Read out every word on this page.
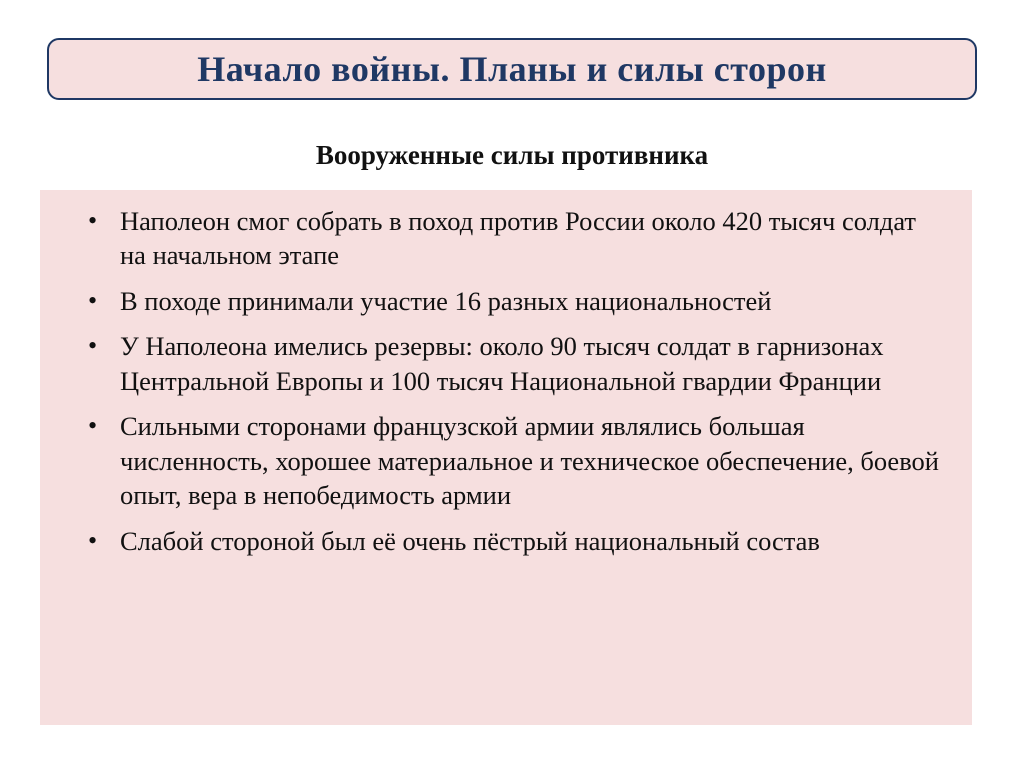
Начало войны. Планы и силы сторон
Вооруженные силы противника
• Наполеон смог собрать в поход против России около 420 тысяч солдат на начальном этапе
• В походе принимали участие 16 разных национальностей
• У Наполеона имелись резервы: около 90 тысяч солдат в гарнизонах Центральной Европы и 100 тысяч Национальной гвардии Франции
• Сильными сторонами французской армии являлись большая численность, хорошее материальное и техническое обеспечение, боевой опыт, вера в непобедимость армии
• Слабой стороной был её очень пёстрый национальный состав
